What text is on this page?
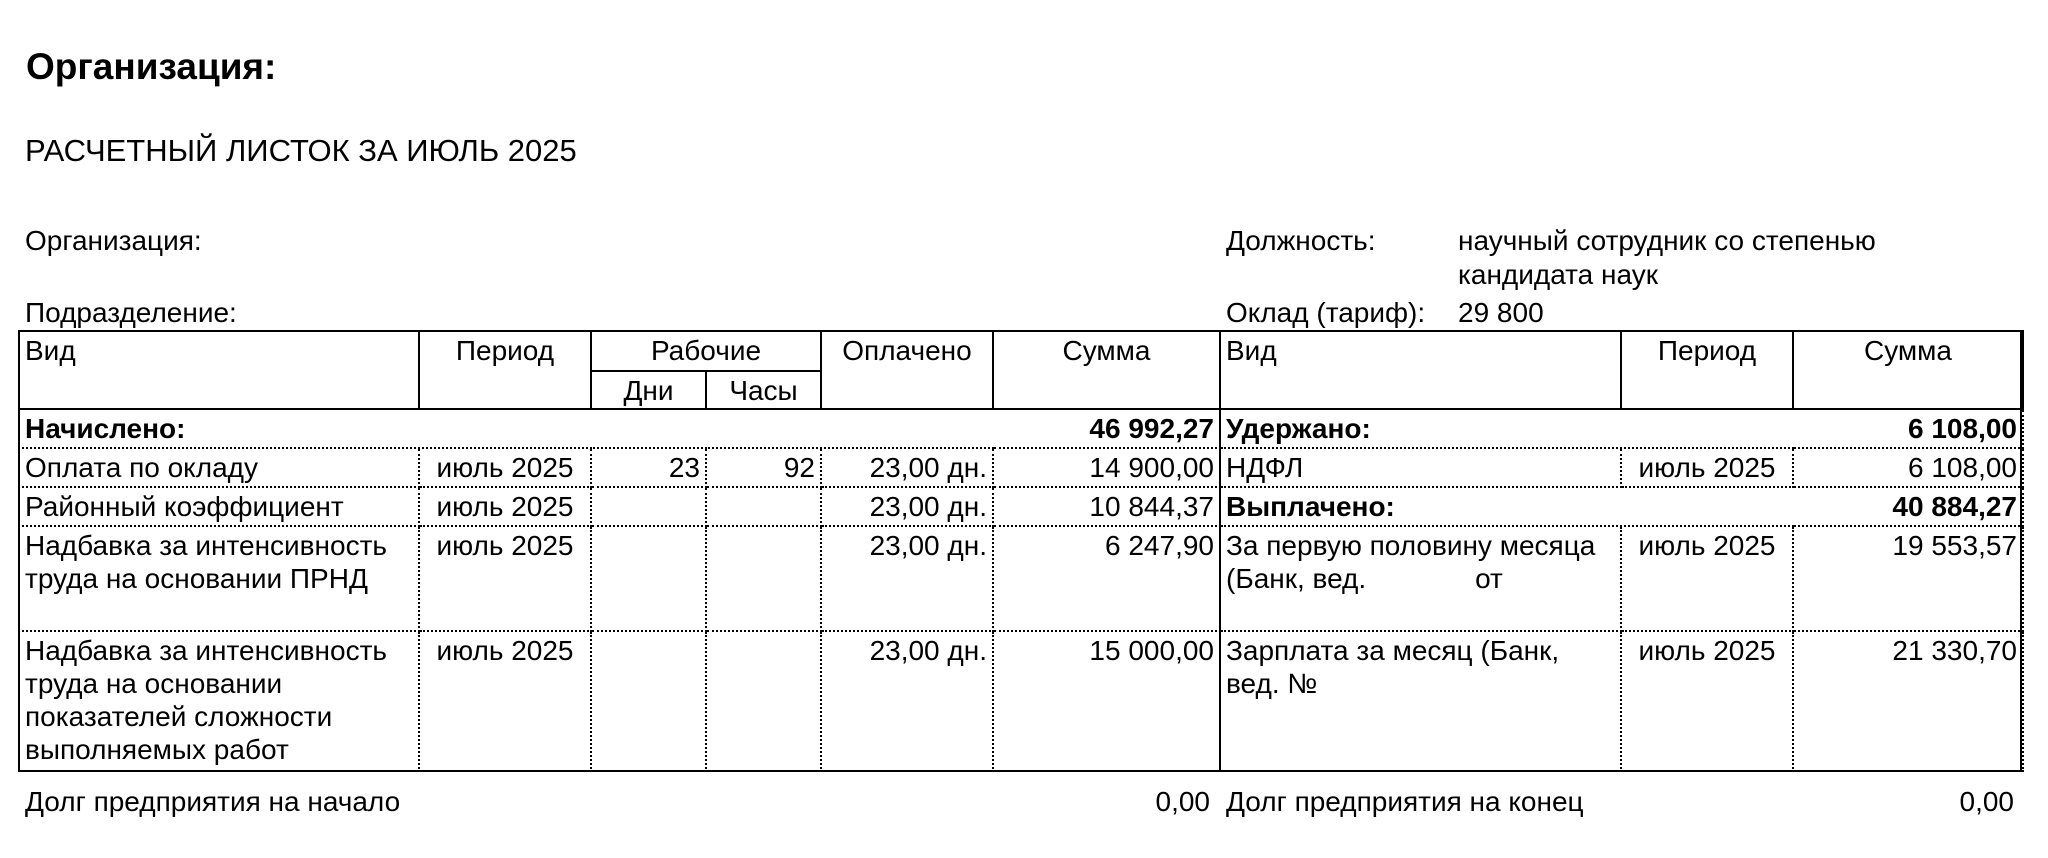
Организация:
РАСЧЕТНЫЙ ЛИСТОК ЗА ИЮЛЬ 2025
Организация:
Подразделение:
Должность:	научный сотрудник со степенью
кандидата наук
Оклад (тариф): 29 800
Вид	Период	Рабочие		Оплачено	Сумма	Вид	Период	Сумма
		Дни	Часы					
Начислено:					46 992,27	Удержано:		6 108,00
Оплата по окладу	июль 2025	23	92	23,00 дн.	14 900,00	НДФЛ	июль 2025	6 108,00
Районный коэффициент	июль 2025			23,00 дн.	10 844,37	Выплачено:		40 884,27
Надбавка за интенсивность труда на основании ПРНД	июль 2025			23,00 дн.	6 247,90	За первую половину месяца (Банк, вед.              от	июль 2025	19 553,57
Надбавка за интенсивность труда на основании показателей сложности выполняемых работ	июль 2025			23,00 дн.	15 000,00	Зарплата за месяц (Банк, вед. №	июль 2025	21 330,70
Долг предприятия на начало	0,00 Долг предприятия на конец	0,00
